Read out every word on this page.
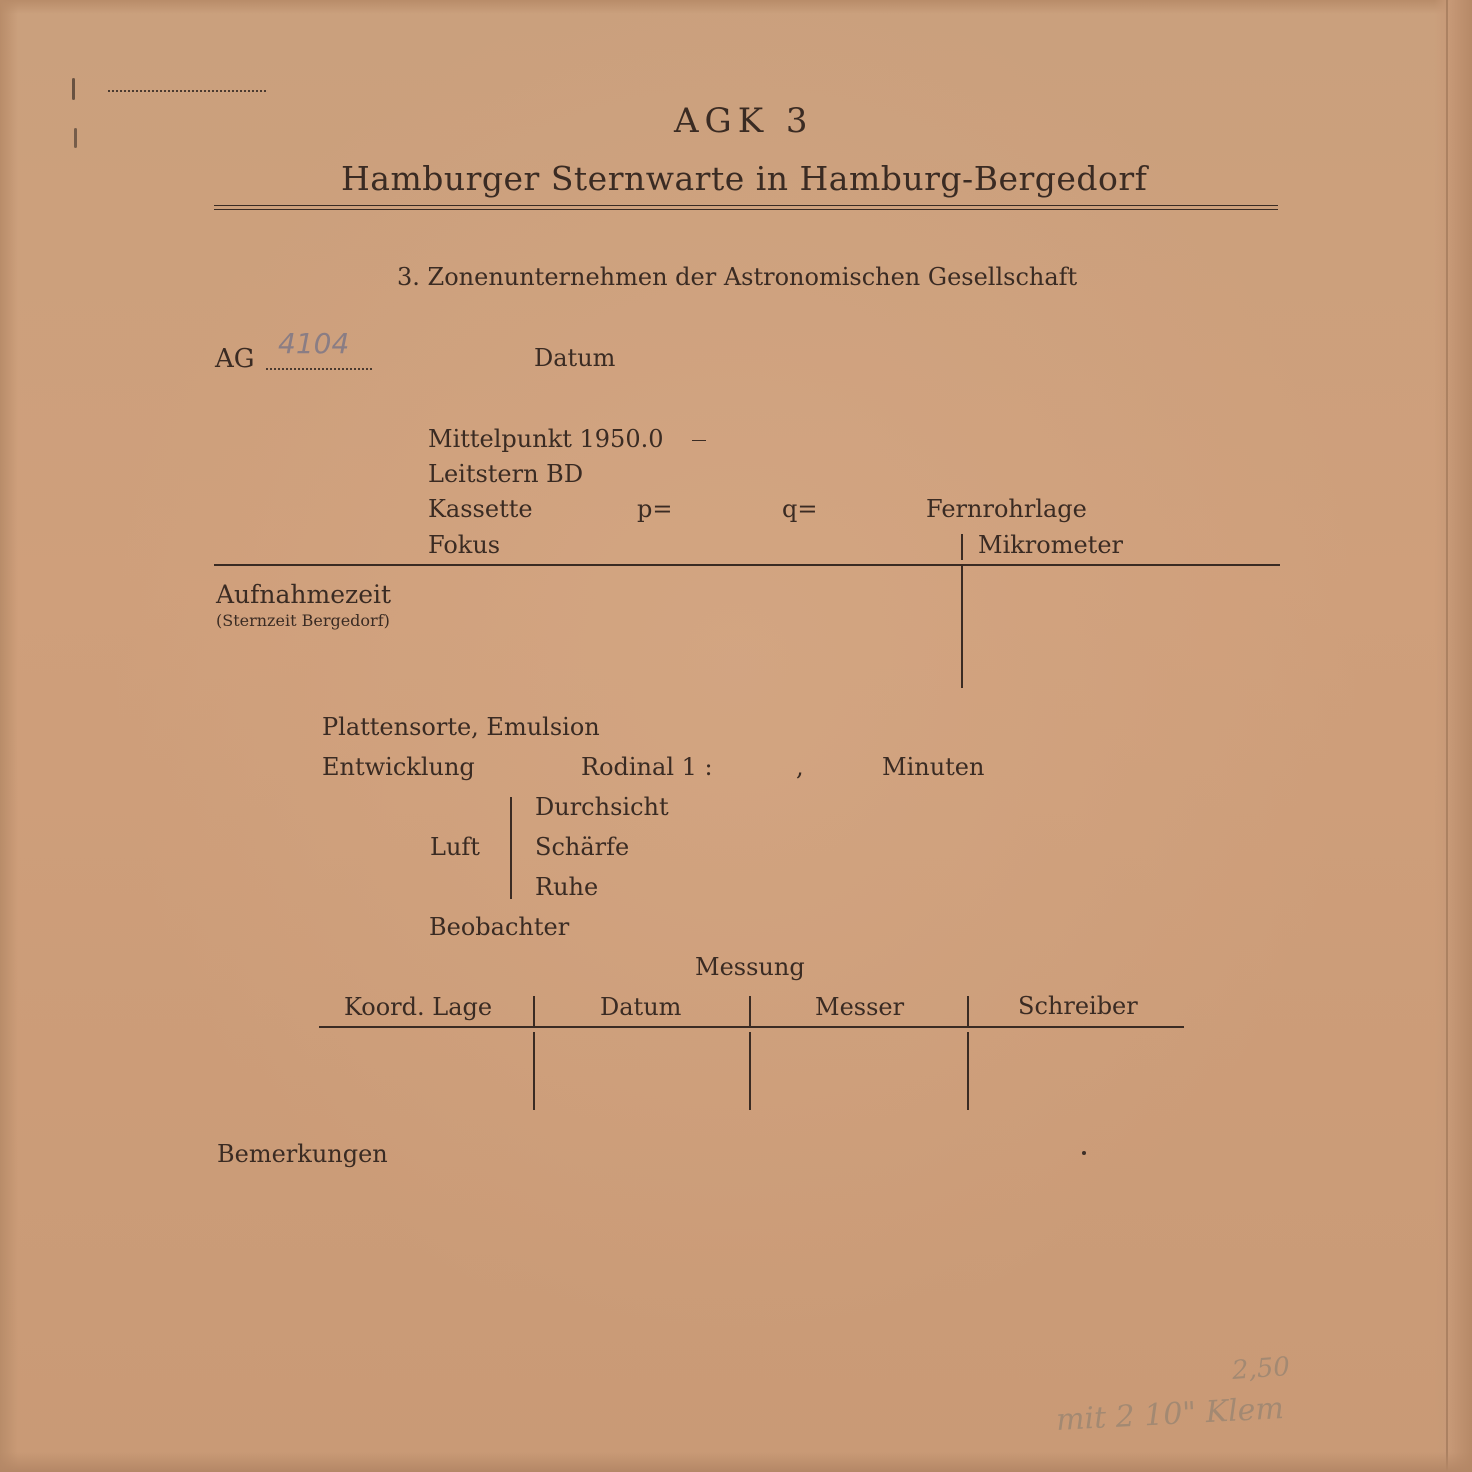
AGK 3
Hamburger Sternwarte in Hamburg-Bergedorf
3. Zonenunternehmen der Astronomischen Gesellschaft
AG 4104	Datum
Mittelpunkt 1950.0
Leitstern BD
Kassette	p=	q=	Fernrohrlage
Fokus	Mikrometer
Aufnahmezeit
(Sternzeit Bergedorf)
Plattensorte, Emulsion
Entwicklung	Rodinal 1 :	,	Minuten
Luft
Durchsicht
Schärfe
Ruhe
Beobachter
Messung
Koord. Lage	Datum	Messer	Schreiber
Bemerkungen
2,50
mit 2 10" Klem
